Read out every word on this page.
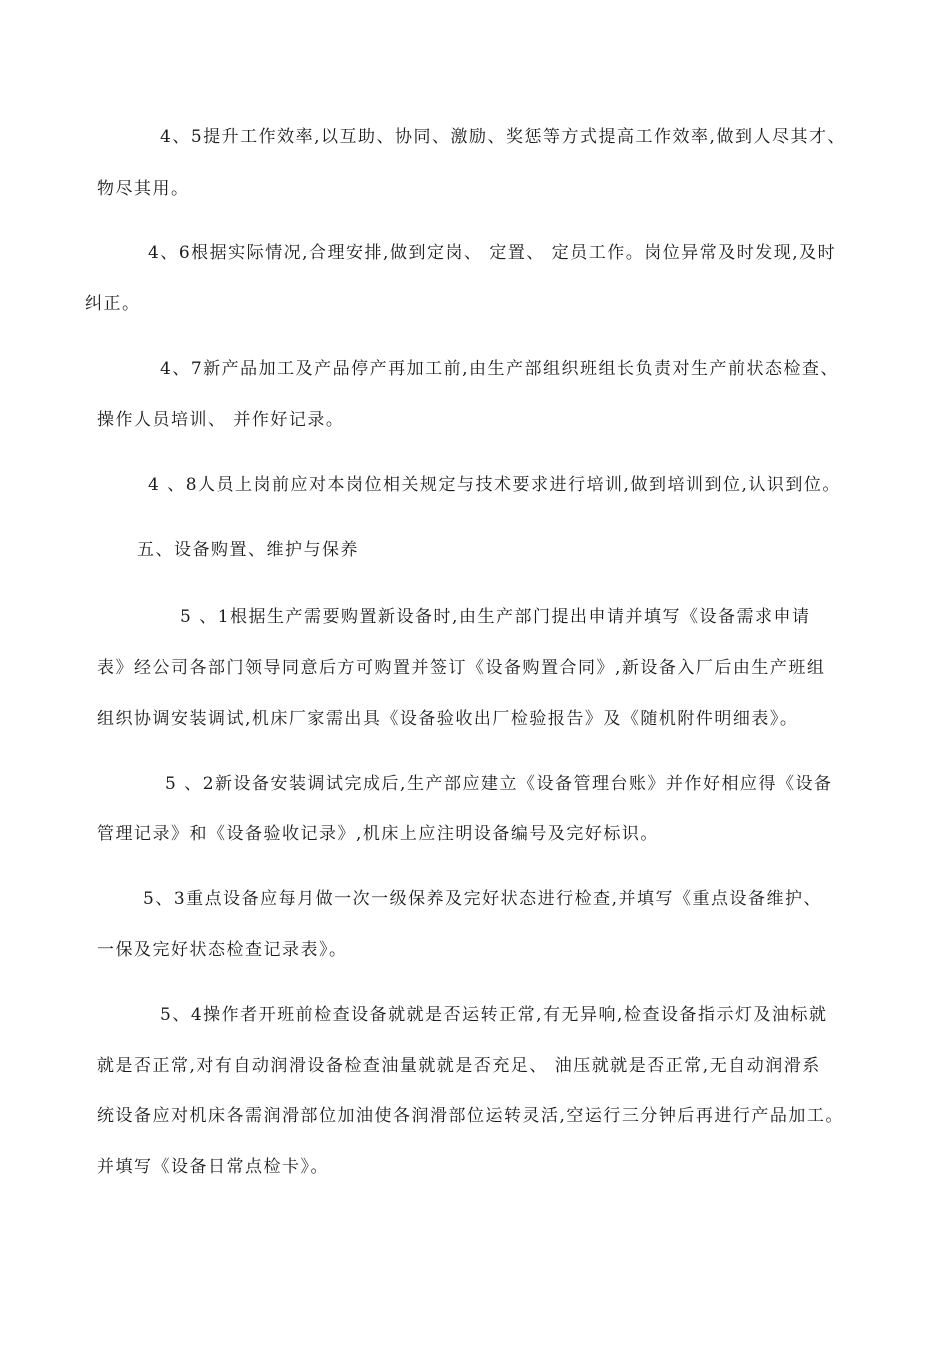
4、5提升工作效率,以互助、协同、激励、奖惩等方式提高工作效率,做到人尽其才、
物尽其用。
4、6根据实际情况,合理安排,做到定岗、 定置、 定员工作。岗位异常及时发现,及时
纠正。
4、7新产品加工及产品停产再加工前,由生产部组织班组长负责对生产前状态检查、
操作人员培训、 并作好记录。
4 、8人员上岗前应对本岗位相关规定与技术要求进行培训,做到培训到位,认识到位。
五、设备购置、维护与保养
5 、1根据生产需要购置新设备时,由生产部门提出申请并填写《设备需求申请
表》经公司各部门领导同意后方可购置并签订《设备购置合同》,新设备入厂后由生产班组
组织协调安装调试,机床厂家需出具《设备验收出厂检验报告》及《随机附件明细表》。
5 、2新设备安装调试完成后,生产部应建立《设备管理台账》并作好相应得《设备
管理记录》和《设备验收记录》,机床上应注明设备编号及完好标识。
5、3重点设备应每月做一次一级保养及完好状态进行检查,并填写《重点设备维护、
一保及完好状态检查记录表》。
5、4操作者开班前检查设备就就是否运转正常,有无异响,检查设备指示灯及油标就
就是否正常,对有自动润滑设备检查油量就就是否充足、 油压就就是否正常,无自动润滑系
统设备应对机床各需润滑部位加油使各润滑部位运转灵活,空运行三分钟后再进行产品加工。
并填写《设备日常点检卡》。
